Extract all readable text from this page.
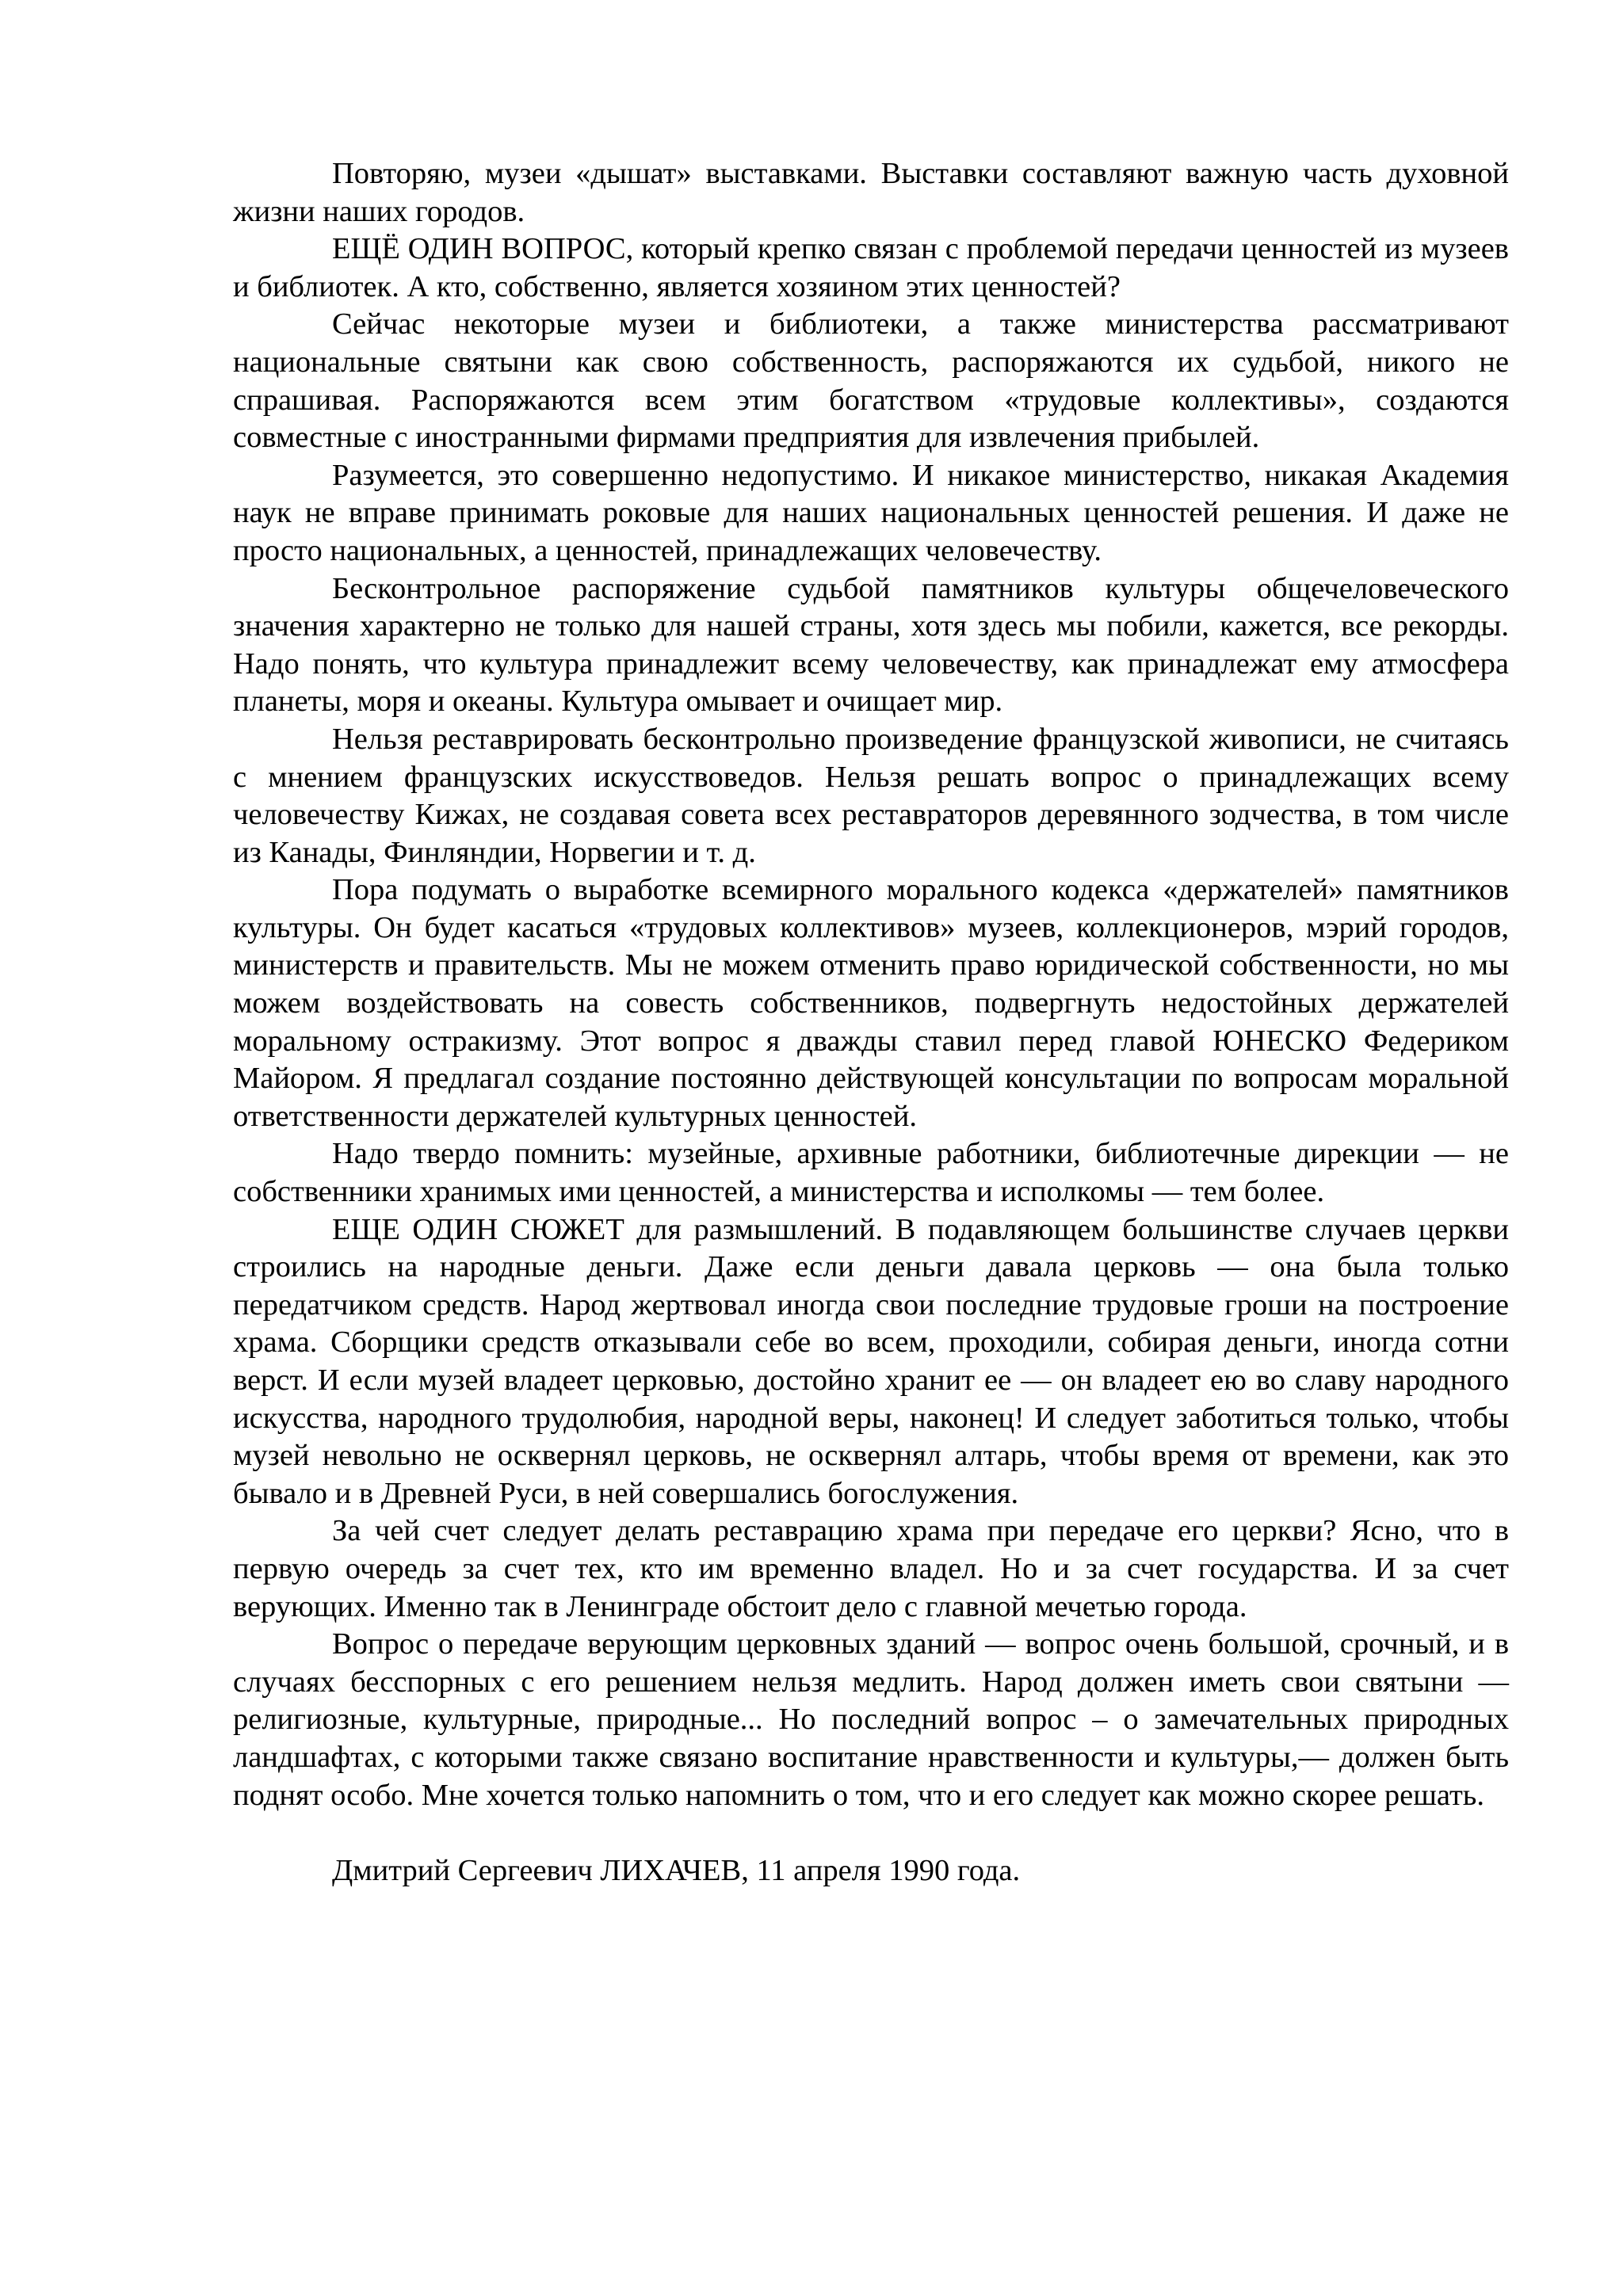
Повторяю, музеи «дышат» выставками. Выставки составляют важную часть духовной жизни наших городов.

ЕЩЁ ОДИН ВОПРОС, который крепко связан с проблемой передачи ценностей из музеев и библиотек. А кто, собственно, является хозяином этих ценностей?

Сейчас некоторые музеи и библиотеки, а также министерства рассматривают национальные святыни как свою собственность, распоряжаются их судьбой, никого не спрашивая. Распоряжаются всем этим богатством «трудовые коллективы», создаются совместные с иностранными фирмами предприятия для извлечения прибылей.

Разумеется, это совершенно недопустимо. И никакое министерство, никакая Академия наук не вправе принимать роковые для наших национальных ценностей решения. И даже не просто национальных, а ценностей, принадлежащих человечеству.

Бесконтрольное распоряжение судьбой памятников культуры общечеловеческого значения характерно не только для нашей страны, хотя здесь мы побили, кажется, все рекорды. Надо понять, что культура принадлежит всему человечеству, как принадлежат ему атмосфера планеты, моря и океаны. Культура омывает и очищает мир.

Нельзя реставрировать бесконтрольно произведение французской живописи, не считаясь с мнением французских искусствоведов. Нельзя решать вопрос о принадлежащих всему человечеству Кижах, не создавая совета всех реставраторов деревянного зодчества, в том числе из Канады, Финляндии, Норвегии и т. д.

Пора подумать о выработке всемирного морального кодекса «держателей» памятников культуры. Он будет касаться «трудовых коллективов» музеев, коллекционеров, мэрий городов, министерств и правительств. Мы не можем отменить право юридической собственности, но мы можем воздействовать на совесть собственников, подвергнуть недостойных держателей моральному остракизму. Этот вопрос я дважды ставил перед главой ЮНЕСКО Федериком Майором. Я предлагал создание постоянно действующей консультации по вопросам моральной ответственности держателей культурных ценностей.

Надо твердо помнить: музейные, архивные работники, библиотечные дирекции — не собственники хранимых ими ценностей, а министерства и исполкомы — тем более.

ЕЩЕ ОДИН СЮЖЕТ для размышлений. В подавляющем большинстве случаев церкви строились на народные деньги. Даже если деньги давала церковь — она была только передатчиком средств. Народ жертвовал иногда свои последние трудовые гроши на построение храма. Сборщики средств отказывали себе во всем, проходили, собирая деньги, иногда сотни верст. И если музей владеет церковью, достойно хранит ее — он владеет ею во славу народного искусства, народного трудолюбия, народной веры, наконец! И следует заботиться только, чтобы музей невольно не осквернял церковь, не осквернял алтарь, чтобы время от времени, как это бывало и в Древней Руси, в ней совершались богослужения.

За чей счет следует делать реставрацию храма при передаче его церкви? Ясно, что в первую очередь за счет тех, кто им временно владел. Но и за счет государства. И за счет верующих. Именно так в Ленинграде обстоит дело с главной мечетью города.

Вопрос о передаче верующим церковных зданий — вопрос очень большой, срочный, и в случаях бесспорных с его решением нельзя медлить. Народ должен иметь свои святыни — религиозные, культурные, природные... Но последний вопрос – о замечательных природных ландшафтах, с которыми также связано воспитание нравственности и культуры,— должен быть поднят особо. Мне хочется только напомнить о том, что и его следует как можно скорее решать.

Дмитрий Сергеевич ЛИХАЧЕВ, 11 апреля 1990 года.
